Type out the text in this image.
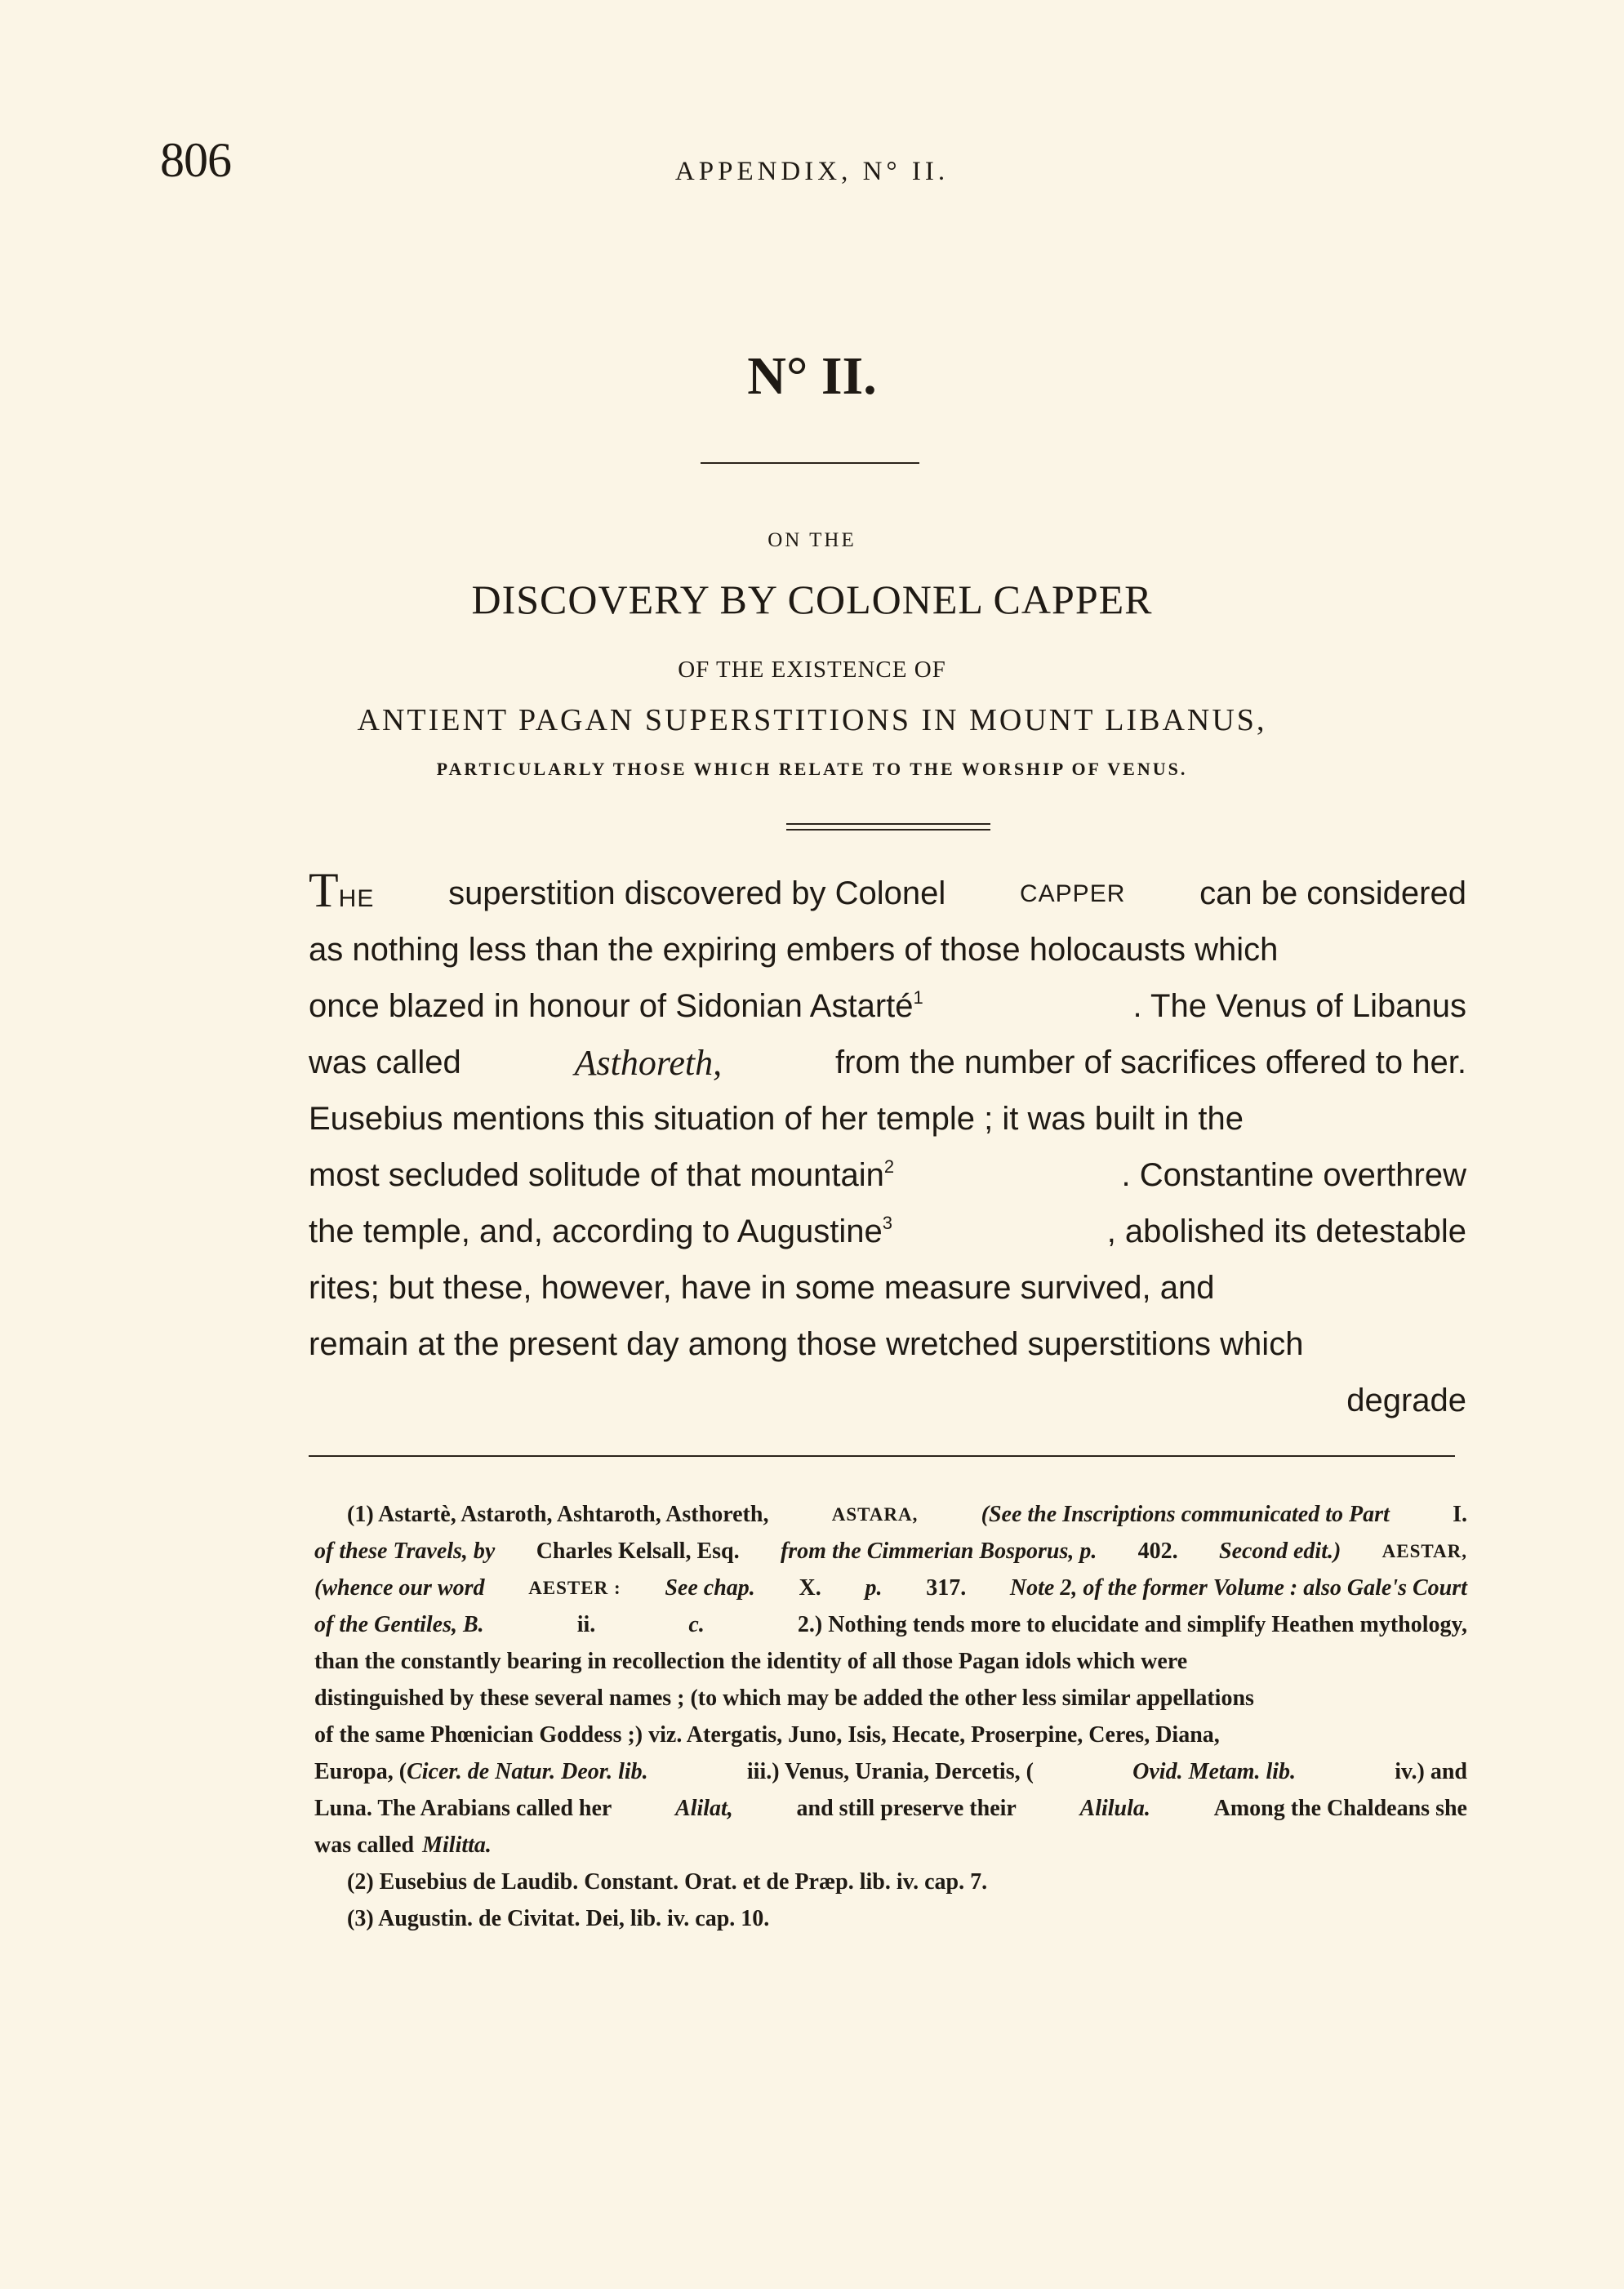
806	APPENDIX, N° II.
N° II.
ON THE
DISCOVERY BY COLONEL CAPPER
OF THE EXISTENCE OF
ANTIENT PAGAN SUPERSTITIONS IN MOUNT LIBANUS,
PARTICULARLY THOSE WHICH RELATE TO THE WORSHIP OF VENUS.
THE superstition discovered by Colonel	CAPPER can be considered
as nothing less than the expiring embers of those holocausts which
once blazed in honour of Sidonian Astarté$^1$	. The Venus of Libanus
was called	Asthoreth,	from the number of sacrifices offered to her.
Eusebius mentions this situation of her temple ; it was built in the
most secluded solitude of that mountain$^2$	. Constantine overthrew
the temple, and, according to Augustine$^3$	, abolished its detestable
rites; but these, however, have in some measure survived, and
remain at the present day among those wretched superstitions which
degrade
(1) Astartè, Astaroth, Ashtaroth, Asthoreth,	ASTARA,	(See the Inscriptions communicated to Part	I.
of these Travels, by Charles Kelsall, Esq. from the Cimmerian Bosporus, p. 402. Second edit.) AESTAR,
(whence our word AESTER : See chap. X. p. 317. Note 2, of the former Volume : also Gale's Court
of the Gentiles, B.	ii.	c.	2.) Nothing tends more to elucidate and simplify Heathen mythology,
than the constantly bearing in recollection the identity of all those Pagan idols which were
distinguished by these several names ; (to which may be added the other less similar appellations
of the same Phœnician Goddess ;) viz. Atergatis, Juno, Isis, Hecate, Proserpine, Ceres, Diana,
Europa, (Cicer. de Natur. Deor. lib.	iii.) Venus, Urania, Dercetis, (	Ovid. Metam. lib.	iv.) and
Luna. The Arabians called her	Alilat,	and still preserve their	Alilula.	Among the Chaldeans she
was called Militta.
(2) Eusebius de Laudib. Constant. Orat. et de Præp. lib. iv. cap. 7.
(3) Augustin. de Civitat. Dei, lib. iv. cap. 10.
